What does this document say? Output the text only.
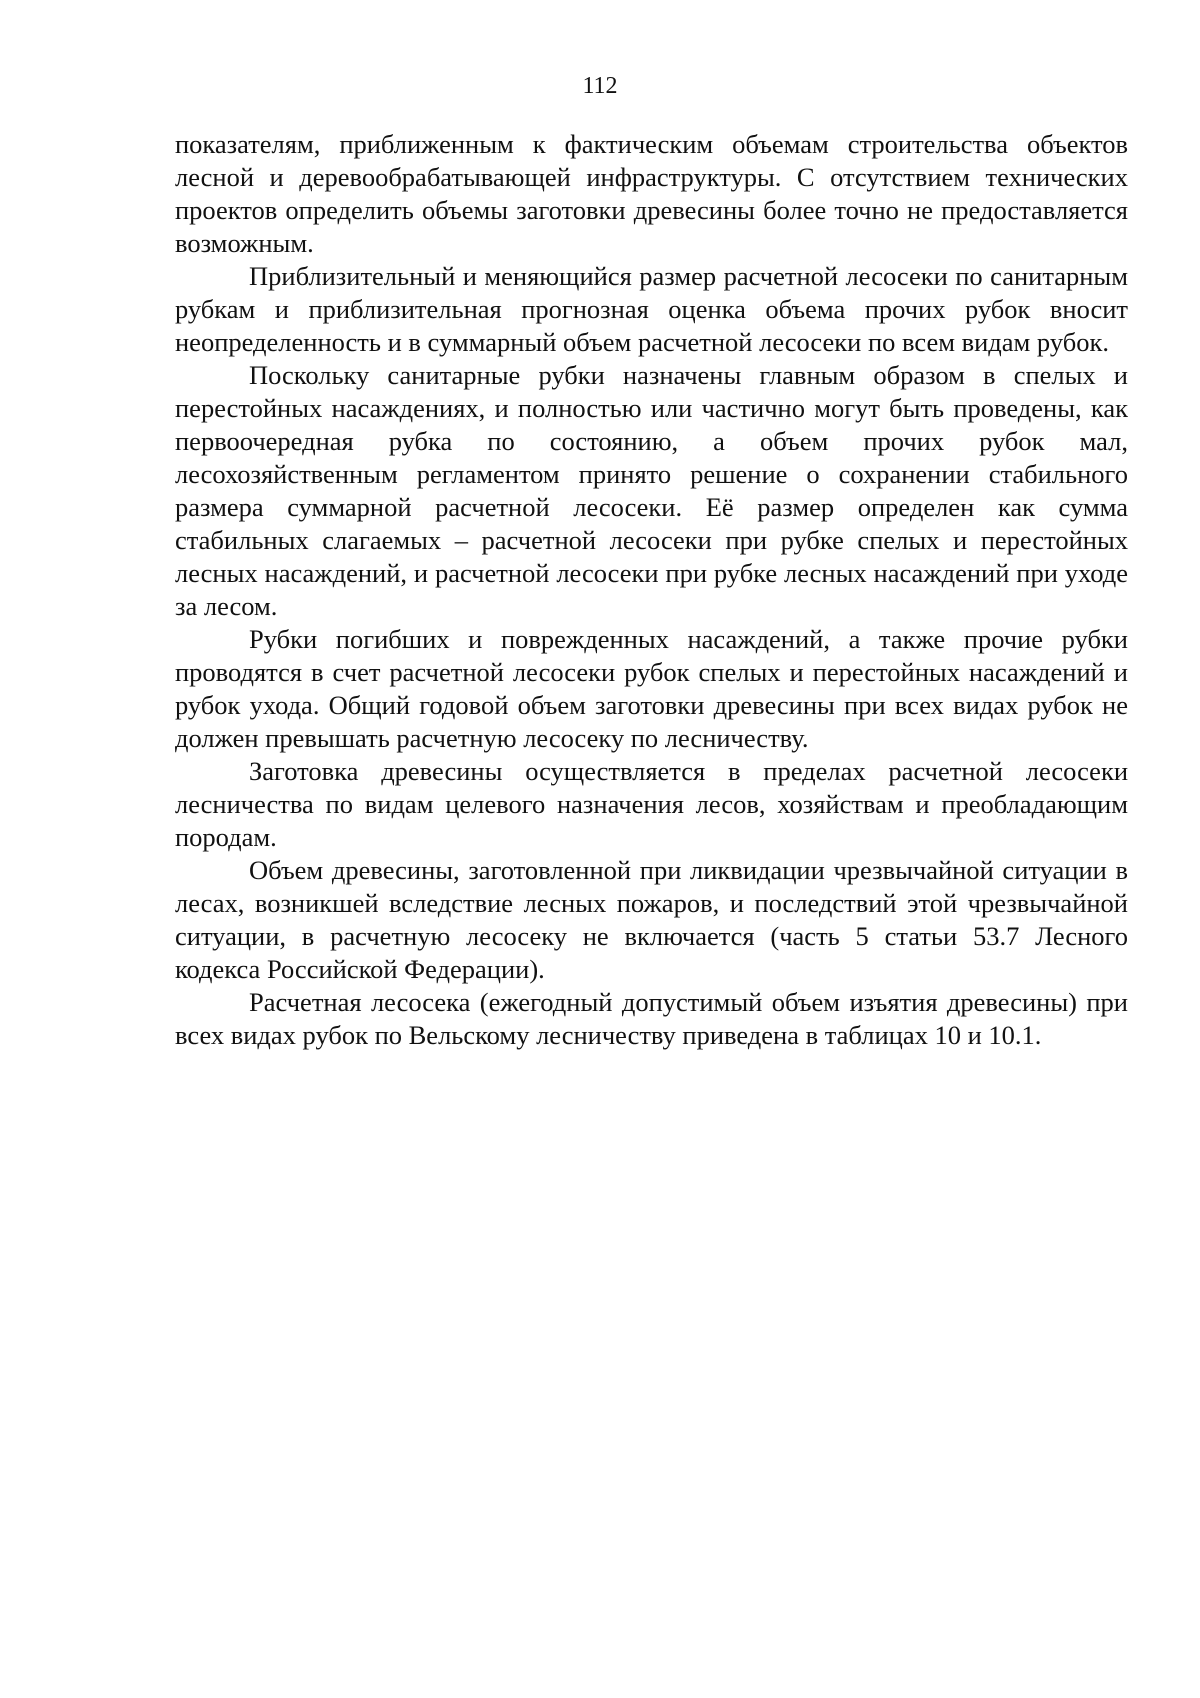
112

показателям, приближенным к фактическим объемам строительства объектов лесной и деревообрабатывающей инфраструктуры. С отсутствием технических проектов определить объемы заготовки древесины более точно не предоставляется возможным.

Приблизительный и меняющийся размер расчетной лесосеки по санитарным рубкам и приблизительная прогнозная оценка объема прочих рубок вносит неопределенность и в суммарный объем расчетной лесосеки по всем видам рубок.

Поскольку санитарные рубки назначены главным образом в спелых и перестойных насаждениях, и полностью или частично могут быть проведены, как первоочередная рубка по состоянию, а объем прочих рубок мал, лесохозяйственным регламентом принято решение о сохранении стабильного размера суммарной расчетной лесосеки. Её размер определен как сумма стабильных слагаемых – расчетной лесосеки при рубке спелых и перестойных лесных насаждений, и расчетной лесосеки при рубке лесных насаждений при уходе за лесом.

Рубки погибших и поврежденных насаждений, а также прочие рубки проводятся в счет расчетной лесосеки рубок спелых и перестойных насаждений и рубок ухода. Общий годовой объем заготовки древесины при всех видах рубок не должен превышать расчетную лесосеку по лесничеству.

Заготовка древесины осуществляется в пределах расчетной лесосеки лесничества по видам целевого назначения лесов, хозяйствам и преобладающим породам.

Объем древесины, заготовленной при ликвидации чрезвычайной ситуации в лесах, возникшей вследствие лесных пожаров, и последствий этой чрезвычайной ситуации, в расчетную лесосеку не включается (часть 5 статьи 53.7 Лесного кодекса Российской Федерации).

Расчетная лесосека (ежегодный допустимый объем изъятия древесины) при всех видах рубок по Вельскому лесничеству приведена в таблицах 10 и 10.1.
